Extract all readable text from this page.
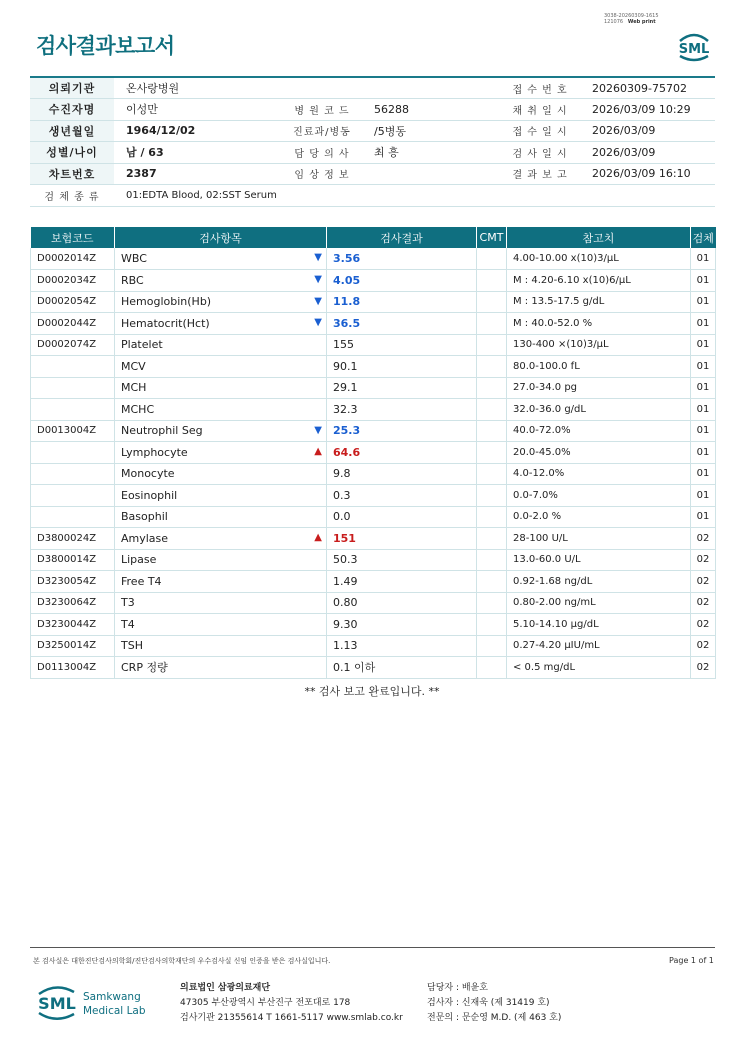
3038-20260309-1615
121076 Web print
검사결과보고서	SML
의뢰기관	온사랑병원			접 수 번 호	20260309-75702
수진자명	이성만	병 원 코 드	56288	채 취 일 시	2026/03/09 10:29
생년월일	1964/12/02	진료과/병동	/5병동	접 수 일 시	2026/03/09
성별/나이	남 / 63	담 당 의 사	최 흥	검 사 일 시	2026/03/09
차트번호	2387	임 상 정 보		결 과 보 고	2026/03/09 16:10
검 체 종 류	01:EDTA Blood, 02:SST Serum				
보험코드	검사항목	검사결과	CMT	참고치	검체
D0002014Z	WBC ▼	3.56		4.00-10.00 x(10)3/μL	01
D0002034Z	RBC ▼	4.05		M : 4.20-6.10 x(10)6/μL	01
D0002054Z	Hemoglobin(Hb) ▼	11.8		M : 13.5-17.5 g/dL	01
D0002044Z	Hematocrit(Hct) ▼	36.5		M : 40.0-52.0 %	01
D0002074Z	Platelet	155		130-400 ×(10)3/μL	01
	MCV	90.1		80.0-100.0 fL	01
	MCH	29.1		27.0-34.0 pg	01
	MCHC	32.3		32.0-36.0 g/dL	01
D0013004Z	Neutrophil Seg ▼	25.3		40.0-72.0%	01
	Lymphocyte ▲	64.6		20.0-45.0%	01
	Monocyte	9.8		4.0-12.0%	01
	Eosinophil	0.3		0.0-7.0%	01
	Basophil	0.0		0.0-2.0 %	01
D3800024Z	Amylase ▲	151		28-100 U/L	02
D3800014Z	Lipase	50.3		13.0-60.0 U/L	02
D3230054Z	Free T4	1.49		0.92-1.68 ng/dL	02
D3230064Z	T3	0.80		0.80-2.00 ng/mL	02
D3230044Z	T4	9.30		5.10-14.10 μg/dL	02
D3250014Z	TSH	1.13		0.27-4.20 μIU/mL	02
D0113004Z	CRP 정량	0.1 이하		< 0.5 mg/dL	02
** 검사 보고 완료입니다. **
본 검사실은 대한진단검사의학회/진단검사의학재단의 우수검사실 신임 인증을 받은 검사실입니다.	Page 1 of 1
SML Samkwang
Medical Lab
의료법인 삼광의료재단
47305 부산광역시 부산진구 전포대로 178
검사기관 21355614 T 1661-5117 www.smlab.co.kr
담당자 : 배윤호
검사자 : 신재욱 (제 31419 호)
전문의 : 문순영 M.D. (제 463 호)
